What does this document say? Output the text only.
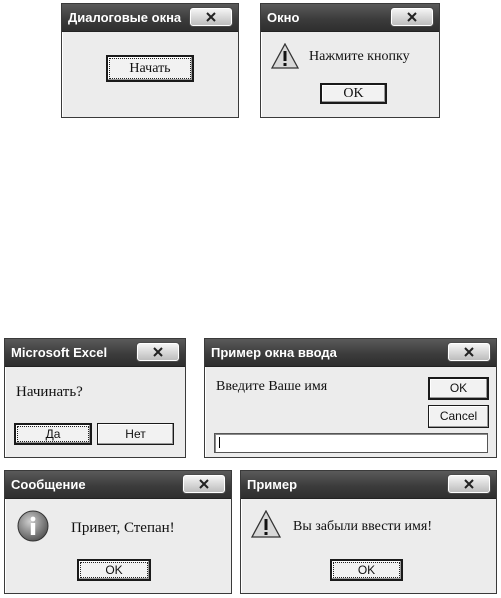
Диалоговые окна
Начать
Окно
Нажмите кнопку
OK
Microsoft Excel
Начинать?
Да	Нет
Пример окна ввода
Введите Ваше имя	OK
Cancel
Сообщение
Привет, Степан!
OK
Пример
Вы забыли ввести имя!
OK
